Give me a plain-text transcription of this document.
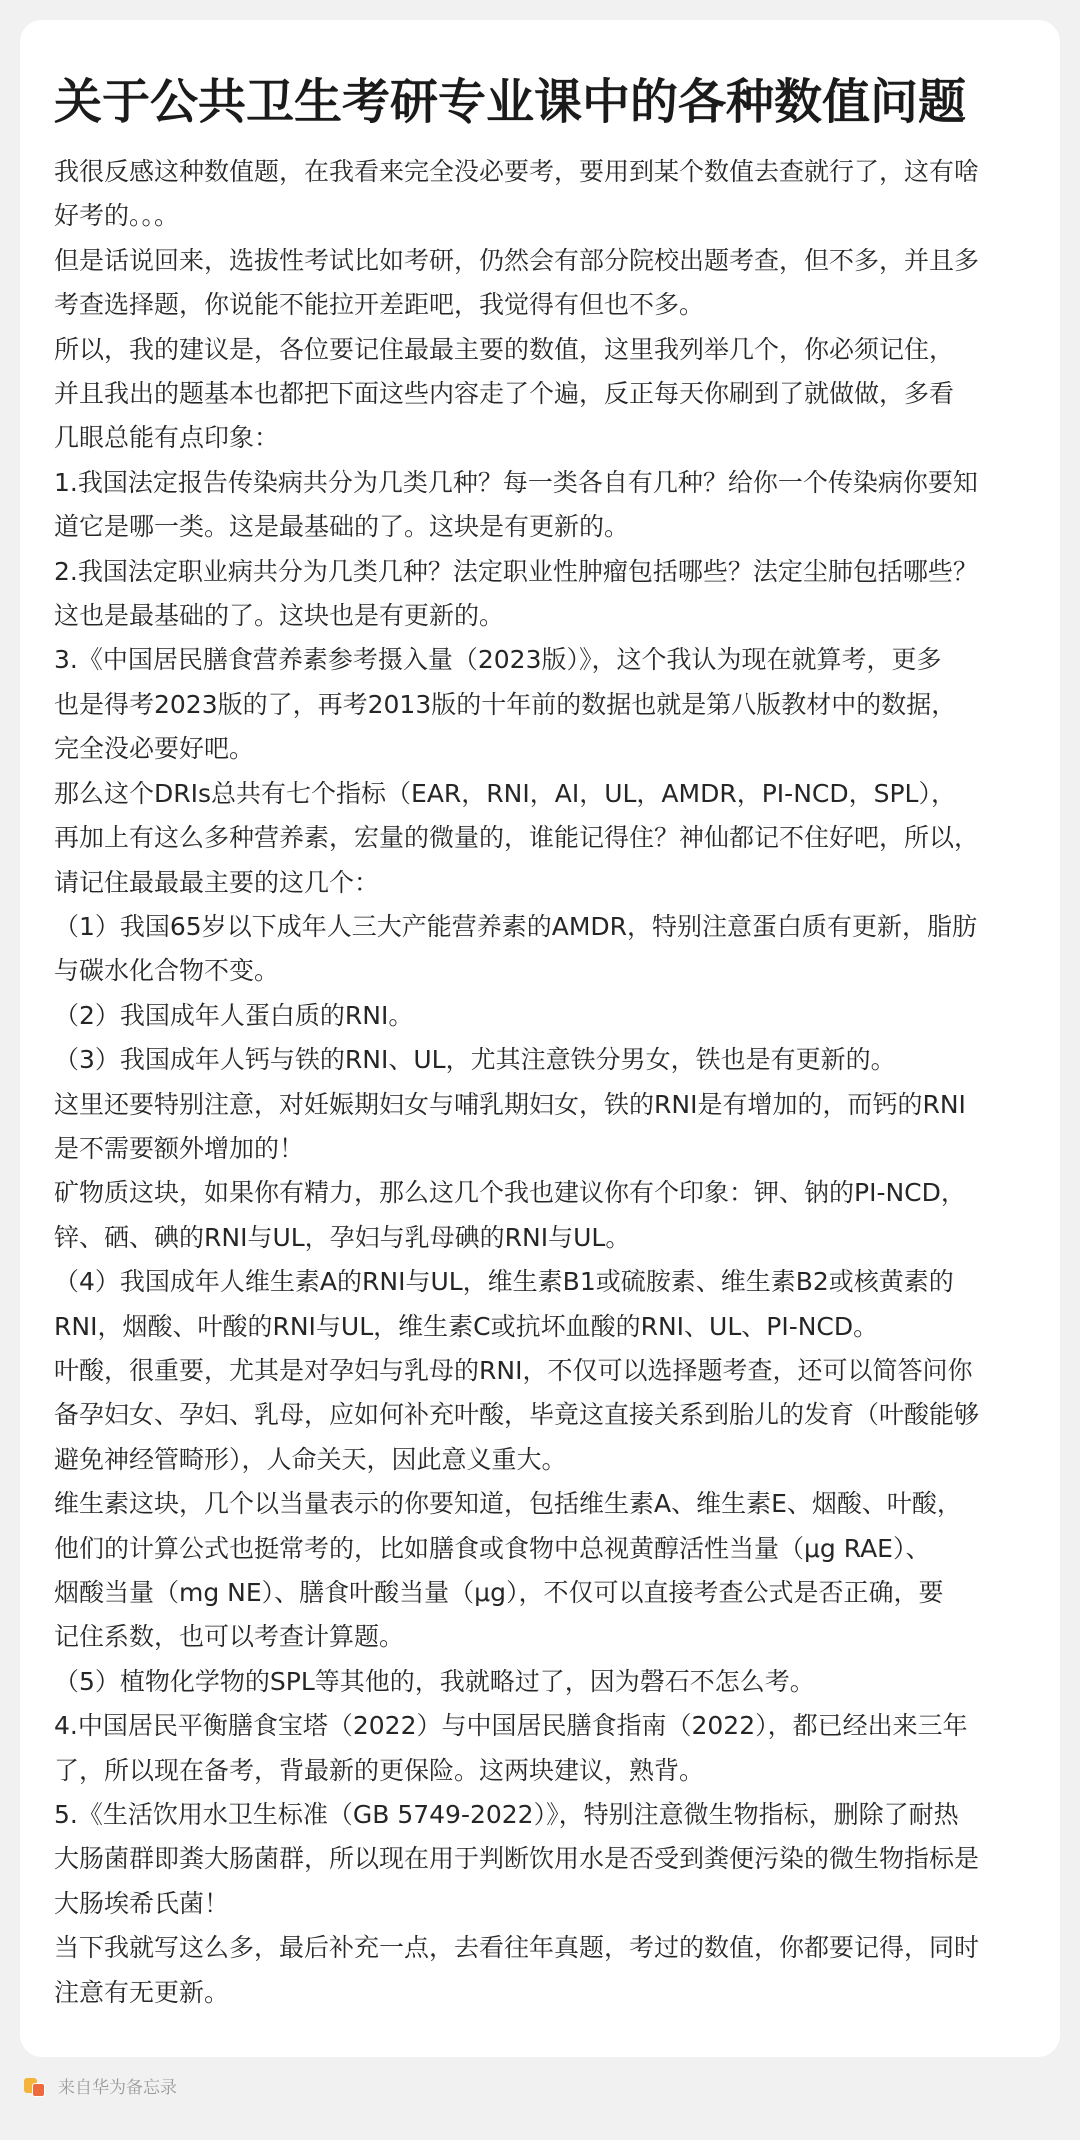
关于公共卫生考研专业课中的各种数值问题

我很反感这种数值题，在我看来完全没必要考，要用到某个数值去查就行了，这有啥
好考的。。。

但是话说回来，选拔性考试比如考研，仍然会有部分院校出题考查，但不多，并且多
考查选择题，你说能不能拉开差距吧，我觉得有但也不多。

所以，我的建议是，各位要记住最最主要的数值，这里我列举几个，你必须记住，
并且我出的题基本也都把下面这些内容走了个遍，反正每天你刷到了就做做，多看
几眼总能有点印象：

1.我国法定报告传染病共分为几类几种？每一类各自有几种？给你一个传染病你要知
道它是哪一类。这是最基础的了。这块是有更新的。

2.我国法定职业病共分为几类几种？法定职业性肿瘤包括哪些？法定尘肺包括哪些？
这也是最基础的了。这块也是有更新的。

3.《中国居民膳食营养素参考摄入量（2023版）》，这个我认为现在就算考，更多
也是得考2023版的了，再考2013版的十年前的数据也就是第八版教材中的数据，
完全没必要好吧。

那么这个DRIs总共有七个指标（EAR，RNI，AI，UL，AMDR，PI-NCD，SPL），
再加上有这么多种营养素，宏量的微量的，谁能记得住？神仙都记不住好吧，所以，
请记住最最最主要的这几个：

（1）我国65岁以下成年人三大产能营养素的AMDR，特别注意蛋白质有更新，脂肪
与碳水化合物不变。

（2）我国成年人蛋白质的RNI。

（3）我国成年人钙与铁的RNI、UL，尤其注意铁分男女，铁也是有更新的。

这里还要特别注意，对妊娠期妇女与哺乳期妇女，铁的RNI是有增加的，而钙的RNI
是不需要额外增加的！

矿物质这块，如果你有精力，那么这几个我也建议你有个印象：钾、钠的PI-NCD，
锌、硒、碘的RNI与UL，孕妇与乳母碘的RNI与UL。

（4）我国成年人维生素A的RNI与UL，维生素B1或硫胺素、维生素B2或核黄素的
RNI，烟酸、叶酸的RNI与UL，维生素C或抗坏血酸的RNI、UL、PI-NCD。

叶酸，很重要，尤其是对孕妇与乳母的RNI，不仅可以选择题考查，还可以简答问你
备孕妇女、孕妇、乳母，应如何补充叶酸，毕竟这直接关系到胎儿的发育（叶酸能够
避免神经管畸形），人命关天，因此意义重大。

维生素这块，几个以当量表示的你要知道，包括维生素A、维生素E、烟酸、叶酸，
他们的计算公式也挺常考的，比如膳食或食物中总视黄醇活性当量（μg RAE）、
烟酸当量（mg NE）、膳食叶酸当量（μg），不仅可以直接考查公式是否正确，要
记住系数，也可以考查计算题。

（5）植物化学物的SPL等其他的，我就略过了，因为磬石不怎么考。

4.中国居民平衡膳食宝塔（2022）与中国居民膳食指南（2022），都已经出来三年
了，所以现在备考，背最新的更保险。这两块建议，熟背。

5.《生活饮用水卫生标准（GB 5749-2022）》，特别注意微生物指标，删除了耐热
大肠菌群即粪大肠菌群，所以现在用于判断饮用水是否受到粪便污染的微生物指标是
大肠埃希氏菌！

当下我就写这么多，最后补充一点，去看往年真题，考过的数值，你都要记得，同时
注意有无更新。

来自华为备忘录
